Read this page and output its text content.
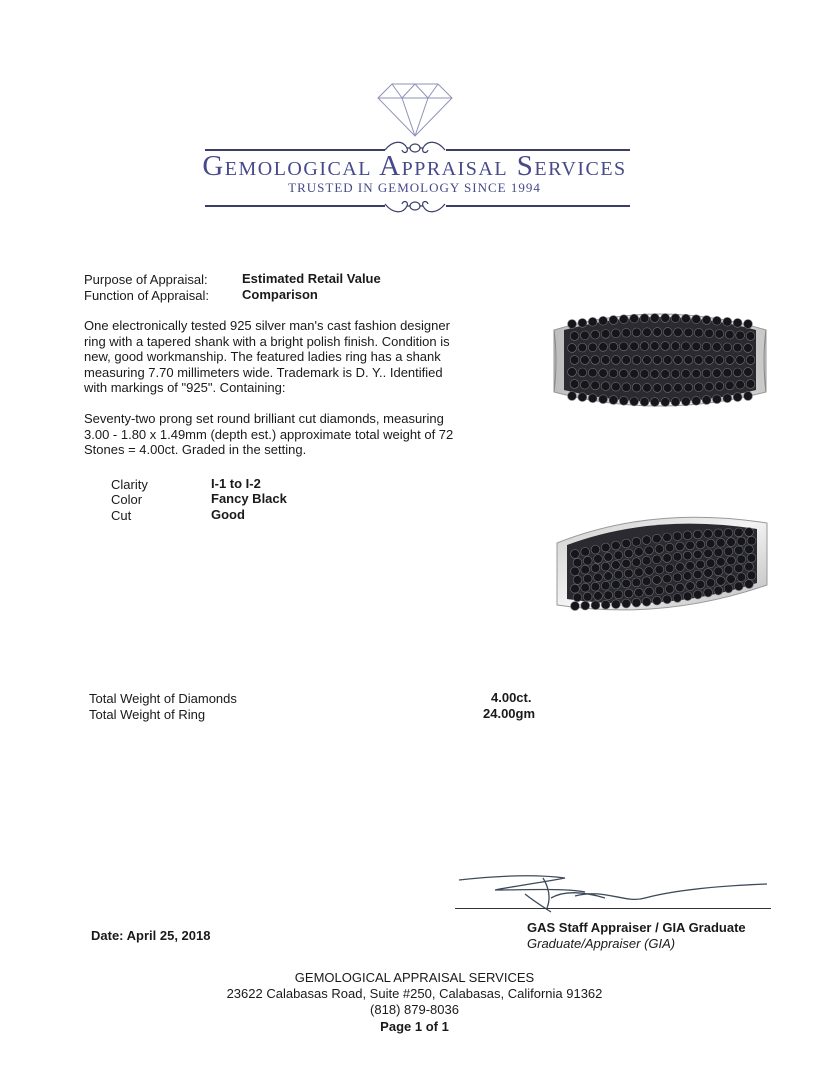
Gemological Appraisal Services
TRUSTED IN GEMOLOGY SINCE 1994
Purpose of Appraisal:	Estimated Retail Value
Function of Appraisal:	Comparison
One electronically tested 925 silver man's cast fashion designer
ring with a tapered shank with a bright polish finish. Condition is
new, good workmanship. The featured ladies ring has a shank
measuring 7.70 millimeters wide. Trademark is D. Y.. Identified
with markings of "925". Containing:
Seventy-two prong set round brilliant cut diamonds, measuring
3.00 - 1.80 x 1.49mm (depth est.) approximate total weight of 72
Stones = 4.00ct. Graded in the setting.
Clarity	I-1 to I-2
Color	Fancy Black
Cut	Good
Total Weight of Diamonds	4.00ct.
Total Weight of Ring	24.00gm
Date: April 25, 2018
GAS Staff Appraiser / GIA Graduate
Graduate/Appraiser (GIA)
GEMOLOGICAL APPRAISAL SERVICES
23622 Calabasas Road, Suite #250, Calabasas, California 91362
(818) 879-8036
Page 1 of 1
